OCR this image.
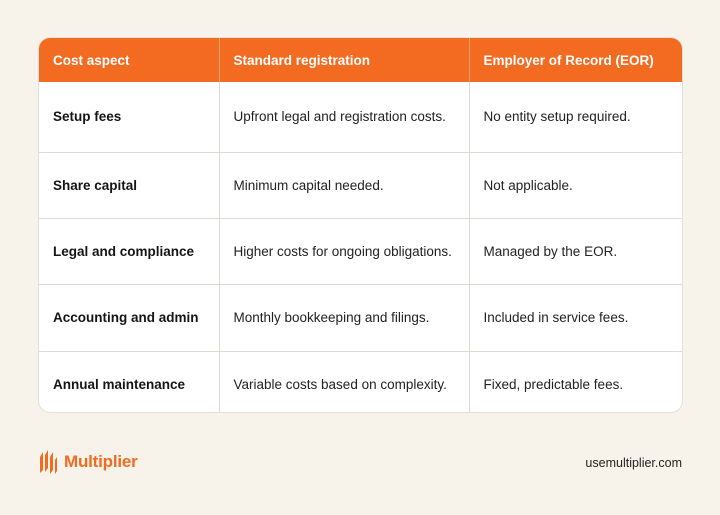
Cost aspect	Standard registration	Employer of Record (EOR)
Setup fees	Upfront legal and registration costs.	No entity setup required.
Share capital	Minimum capital needed.	Not applicable.
Legal and compliance	Higher costs for ongoing obligations.	Managed by the EOR.
Accounting and admin	Monthly bookkeeping and filings.	Included in service fees.
Annual maintenance	Variable costs based on complexity.	Fixed, predictable fees.
Multiplier	usemultiplier.com
